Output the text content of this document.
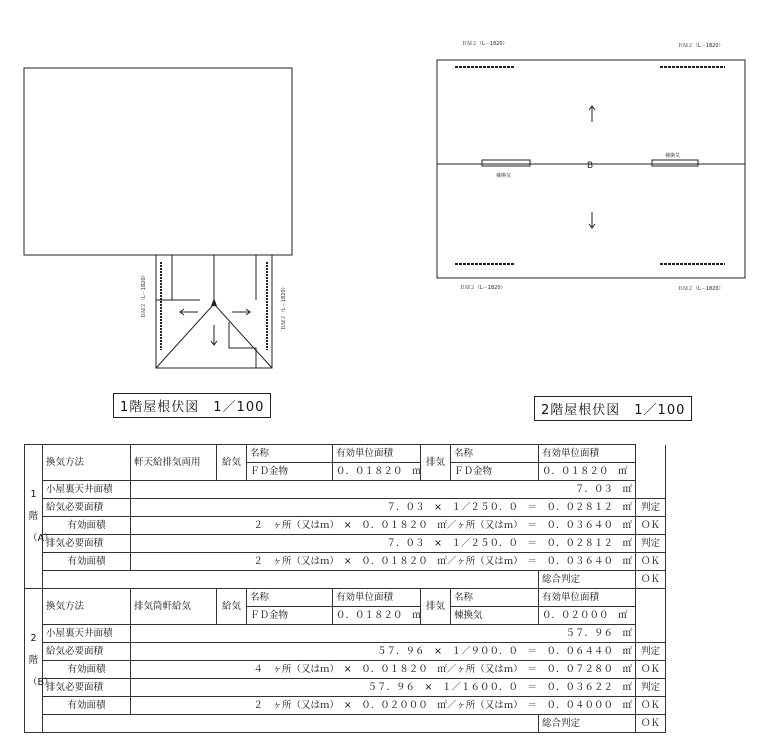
ＢＭ２（L－1820）	ＢＭ２（L－1820）
B
ＢＭ２（L－1820）	ＢＭ２（L－1820）
ＢＭ２（L－1820）	ＢＭ２（L－1820）
棟換気
棟換気
1階屋根伏図　1／100	2階屋根伏図　1／100
1
階
（A）	換気方法	軒天給排気両用	給気	名称	有効単位面積	排気	名称	有効単位面積	
				ＦＤ金物	０．０１８２０　㎡		ＦＤ金物	０．０１８２０　㎡	
	小屋裏天井面積	７．０３　㎡							
	給気必要面積	７．０３　×　１／２５０．０　＝　０．０２８１２　㎡							判定
	有効面積	２　ヶ所（又はｍ）　×　０．０１８２０　㎡／ヶ所（又はｍ）　＝　０．０３６４０　㎡							ＯＫ
	排気必要面積	７．０３　×　１／２５０．０　＝　０．０２８１２　㎡							判定
	有効面積	２　ヶ所（又はｍ）　×　０．０１８２０　㎡／ヶ所（又はｍ）　＝　０．０３６４０　㎡							ＯＫ
								総合判定	ＯＫ

2
階
（B）	換気方法	排気筒軒給気	給気	名称	有効単位面積	排気	名称	有効単位面積	
				ＦＤ金物	０．０１８２０　㎡		棟換気	０．０２０００　㎡	
	小屋裏天井面積	５７．９６　㎡							
	給気必要面積	５７．９６　×　１／９００．０　＝　０．０６４４０　㎡							判定
	有効面積	４　ヶ所（又はｍ）　×　０．０１８２０　㎡／ヶ所（又はｍ）　＝　０．０７２８０　㎡							ＯＫ
	排気必要面積	５７．９６　×　１／１６００．０　＝　０．０３６２２　㎡							判定
	有効面積	２　ヶ所（又はｍ）　×　０．０２０００　㎡／ヶ所（又はｍ）　＝　０．０４０００　㎡							ＯＫ
								総合判定	ＯＫ
